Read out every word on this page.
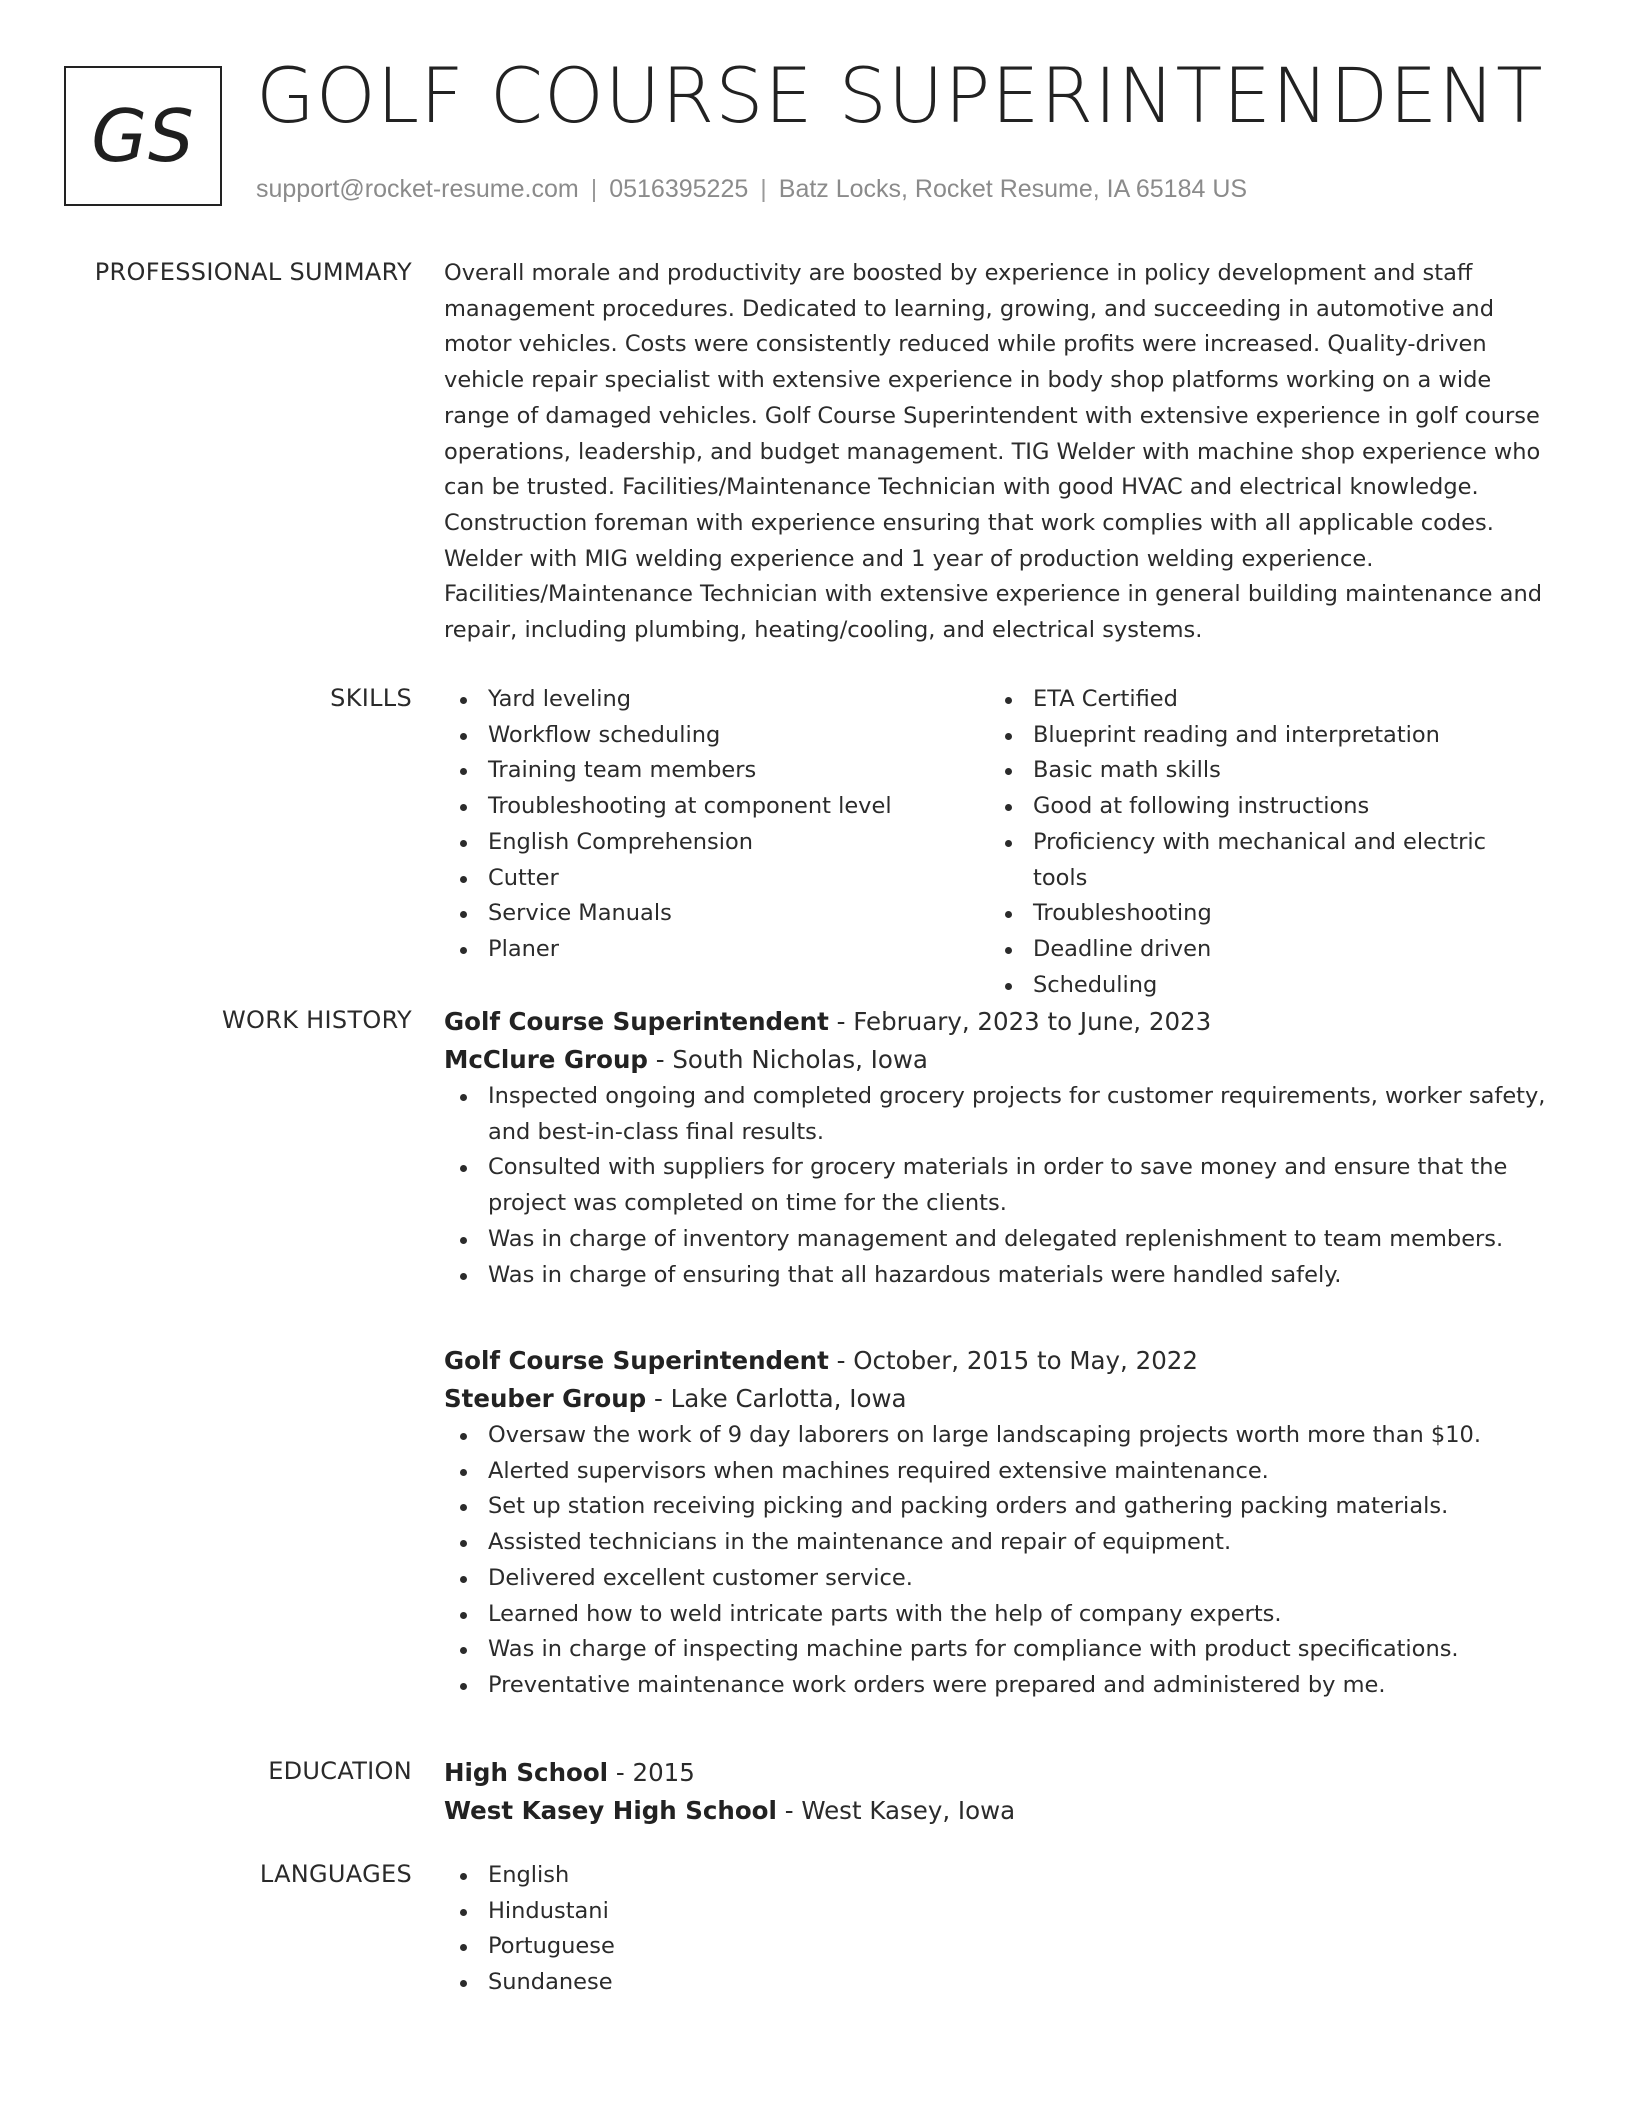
GS GOLF COURSE SUPERINTENDENT
support@rocket-resume.com | 0516395225 | Batz Locks, Rocket Resume, IA 65184 US
PROFESSIONAL SUMMARY Overall morale and productivity are boosted by experience in policy development and staff management procedures. Dedicated to learning, growing, and succeeding in automotive and motor vehicles. Costs were consistently reduced while profits were increased. Quality-driven vehicle repair specialist with extensive experience in body shop platforms working on a wide range of damaged vehicles. Golf Course Superintendent with extensive experience in golf course operations, leadership, and budget management. TIG Welder with machine shop experience who can be trusted. Facilities/Maintenance Technician with good HVAC and electrical knowledge. Construction foreman with experience ensuring that work complies with all applicable codes. Welder with MIG welding experience and 1 year of production welding experience. Facilities/Maintenance Technician with extensive experience in general building maintenance and repair, including plumbing, heating/cooling, and electrical systems.

SKILLS	Yard leveling
Workflow scheduling
Training team members
Troubleshooting at component level
English Comprehension
Cutter
Service Manuals
Planer
ETA Certified
Blueprint reading and interpretation
Basic math skills
Good at following instructions
Proficiency with mechanical and electric tools
Troubleshooting
Deadline driven
Scheduling
WORK HISTORY Golf Course Superintendent - February, 2023 to June, 2023
McClure Group - South Nicholas, Iowa
Inspected ongoing and completed grocery projects for customer requirements, worker safety, and best-in-class final results.
Consulted with suppliers for grocery materials in order to save money and ensure that the project was completed on time for the clients.
Was in charge of inventory management and delegated replenishment to team members.
Was in charge of ensuring that all hazardous materials were handled safely.
Golf Course Superintendent - October, 2015 to May, 2022
Steuber Group - Lake Carlotta, Iowa
Oversaw the work of 9 day laborers on large landscaping projects worth more than $10.
Alerted supervisors when machines required extensive maintenance.
Set up station receiving picking and packing orders and gathering packing materials.
Assisted technicians in the maintenance and repair of equipment.
Delivered excellent customer service.
Learned how to weld intricate parts with the help of company experts.
Was in charge of inspecting machine parts for compliance with product specifications.
Preventative maintenance work orders were prepared and administered by me.
EDUCATION High School - 2015
West Kasey High School - West Kasey, Iowa
LANGUAGES	English
Hindustani
Portuguese
Sundanese
